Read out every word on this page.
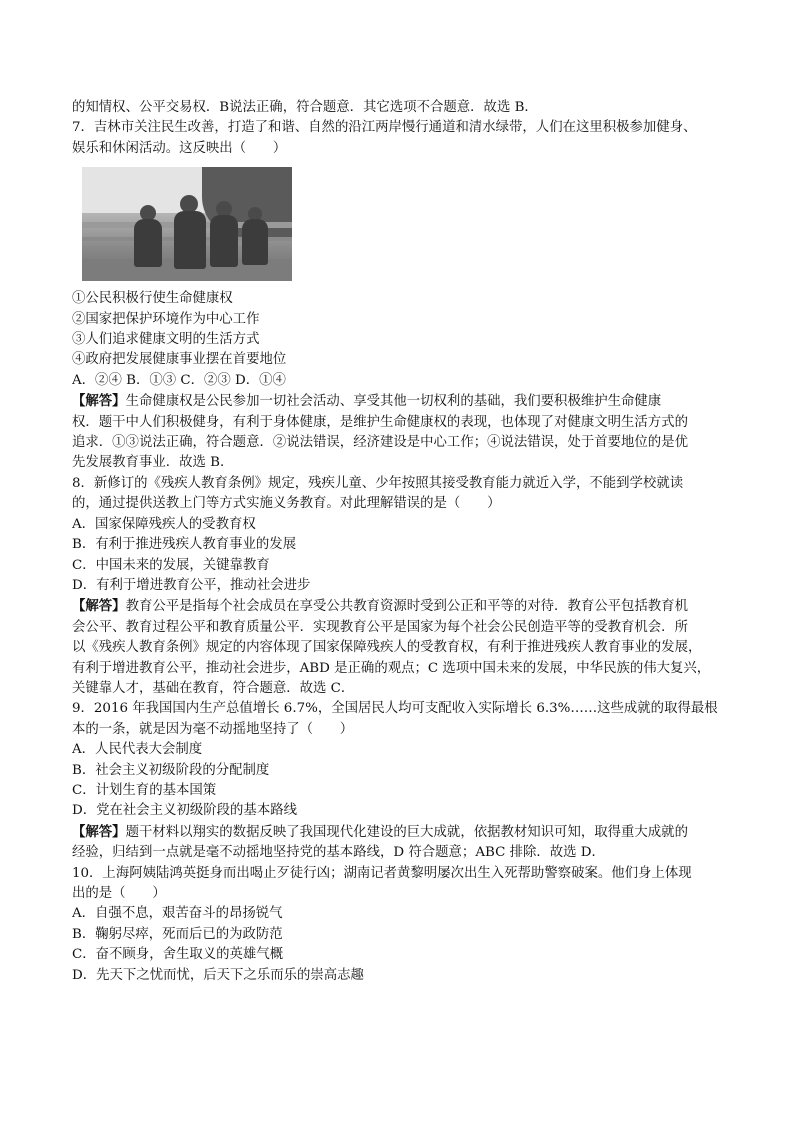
的知情权、公平交易权．B说法正确，符合题意．其它选项不合题意．故选 B．
7．吉林市关注民生改善，打造了和谐、自然的沿江两岸慢行通道和清水绿带，人们在这里积极参加健身、
娱乐和休闲活动。这反映出（　　）
①公民积极行使生命健康权
②国家把保护环境作为中心工作
③人们追求健康文明的生活方式
④政府把发展健康事业摆在首要地位
A．②④ B．①③ C．②③ D．①④
【解答】生命健康权是公民参加一切社会活动、享受其他一切权利的基础，我们要积极维护生命健康
权．题干中人们积极健身，有利于身体健康，是维护生命健康权的表现，也体现了对健康文明生活方式的
追求．①③说法正确，符合题意．②说法错误，经济建设是中心工作；④说法错误，处于首要地位的是优
先发展教育事业．故选 B．
8．新修订的《残疾人教育条例》规定，残疾儿童、少年按照其接受教育能力就近入学，不能到学校就读
的，通过提供送教上门等方式实施义务教育。对此理解错误的是（　　）
A．国家保障残疾人的受教育权
B．有利于推进残疾人教育事业的发展
C．中国未来的发展，关键靠教育
D．有利于增进教育公平，推动社会进步
【解答】教育公平是指每个社会成员在享受公共教育资源时受到公正和平等的对待．教育公平包括教育机
会公平、教育过程公平和教育质量公平．实现教育公平是国家为每个社会公民创造平等的受教育机会．所
以《残疾人教育条例》规定的内容体现了国家保障残疾人的受教育权，有利于推进残疾人教育事业的发展，
有利于增进教育公平，推动社会进步，ABD 是正确的观点；C 选项中国未来的发展，中华民族的伟大复兴，
关键靠人才，基础在教育，符合题意．故选 C．
9．2016 年我国国内生产总值增长 6.7%，全国居民人均可支配收入实际增长 6.3%……这些成就的取得最根
本的一条，就是因为毫不动摇地坚持了（　　）
A．人民代表大会制度
B．社会主义初级阶段的分配制度
C．计划生育的基本国策
D．党在社会主义初级阶段的基本路线
【解答】题干材料以翔实的数据反映了我国现代化建设的巨大成就，依据教材知识可知，取得重大成就的
经验，归结到一点就是毫不动摇地坚持党的基本路线，D 符合题意；ABC 排除．故选 D．
10．上海阿姨陆鸿英挺身而出喝止歹徒行凶；湖南记者黄黎明屡次出生入死帮助警察破案。他们身上体现
出的是（　　）
A．自强不息，艰苦奋斗的昂扬锐气
B．鞠躬尽瘁，死而后已的为政防范
C．奋不顾身，舍生取义的英雄气概
D．先天下之忧而忧，后天下之乐而乐的崇高志趣
